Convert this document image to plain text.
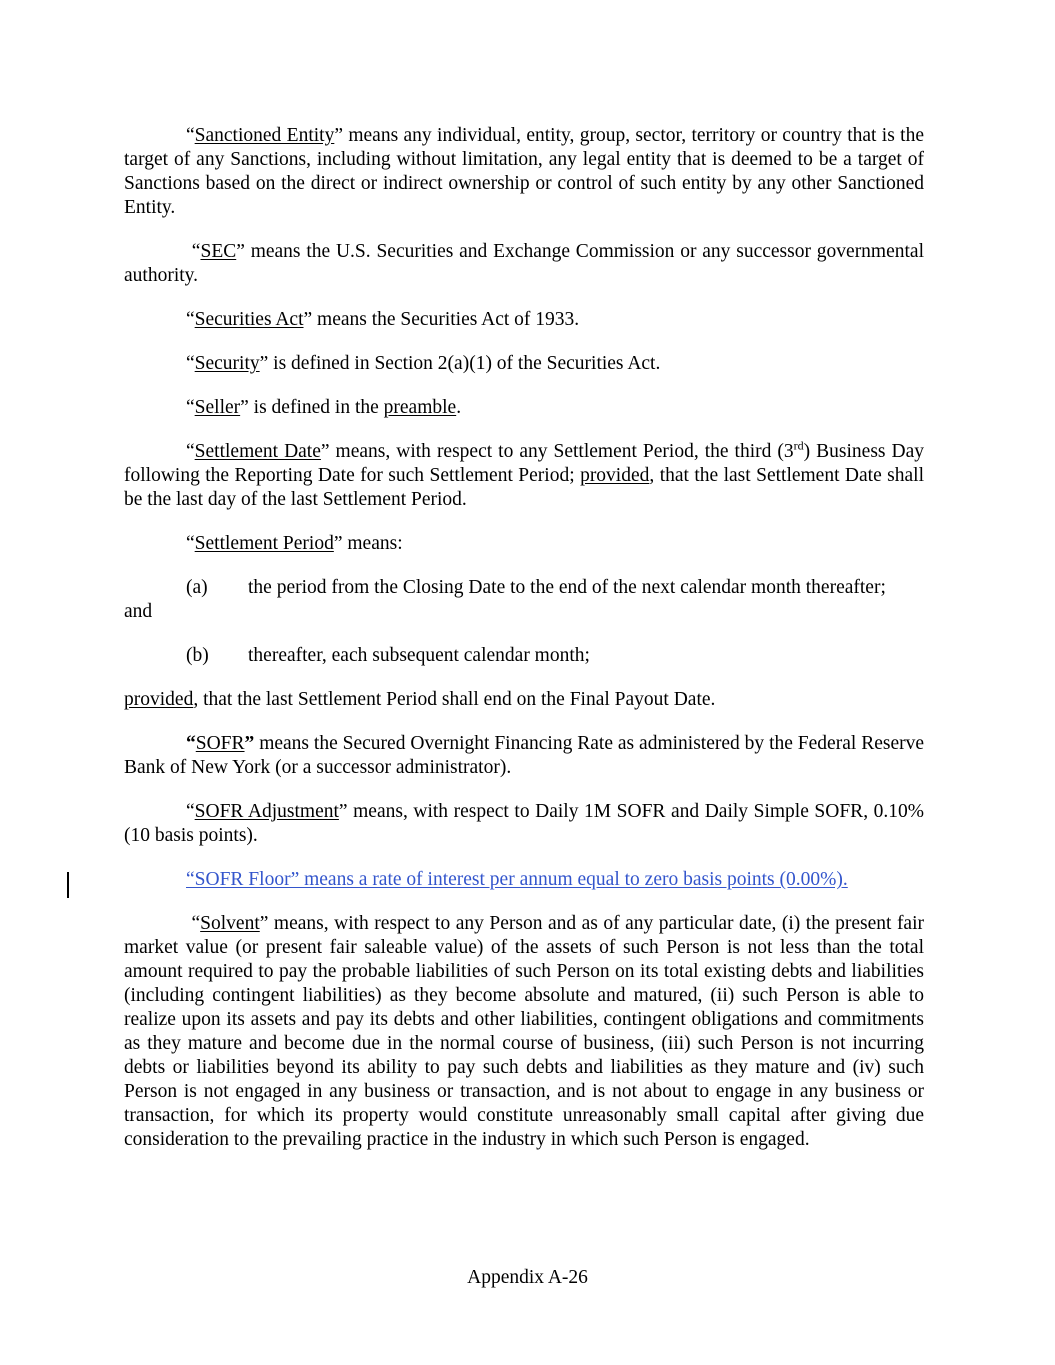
“Sanctioned Entity” means any individual, entity, group, sector, territory or country that is the target of any Sanctions, including without limitation, any legal entity that is deemed to be a target of Sanctions based on the direct or indirect ownership or control of such entity by any other Sanctioned Entity.

“SEC” means the U.S. Securities and Exchange Commission or any successor governmental authority.

“Securities Act” means the Securities Act of 1933.

“Security” is defined in Section 2(a)(1) of the Securities Act.

“Seller” is defined in the preamble.

“Settlement Date” means, with respect to any Settlement Period, the third (3rd) Business Day following the Reporting Date for such Settlement Period; provided, that the last Settlement Date shall be the last day of the last Settlement Period.

“Settlement Period” means:

(a)	the period from the Closing Date to the end of the next calendar month thereafter;
and
(b)	thereafter, each subsequent calendar month;

provided, that the last Settlement Period shall end on the Final Payout Date.

“SOFR” means the Secured Overnight Financing Rate as administered by the Federal Reserve Bank of New York (or a successor administrator).

“SOFR Adjustment” means, with respect to Daily 1M SOFR and Daily Simple SOFR, 0.10% (10 basis points).

“SOFR Floor” means a rate of interest per annum equal to zero basis points (0.00%).

“Solvent” means, with respect to any Person and as of any particular date, (i) the present fair market value (or present fair saleable value) of the assets of such Person is not less than the total amount required to pay the probable liabilities of such Person on its total existing debts and liabilities (including contingent liabilities) as they become absolute and matured, (ii) such Person is able to realize upon its assets and pay its debts and other liabilities, contingent obligations and commitments as they mature and become due in the normal course of business, (iii) such Person is not incurring debts or liabilities beyond its ability to pay such debts and liabilities as they mature and (iv) such Person is not engaged in any business or transaction, and is not about to engage in any business or transaction, for which its property would constitute unreasonably small capital after giving due consideration to the prevailing practice in the industry in which such Person is engaged.

Appendix A-26
